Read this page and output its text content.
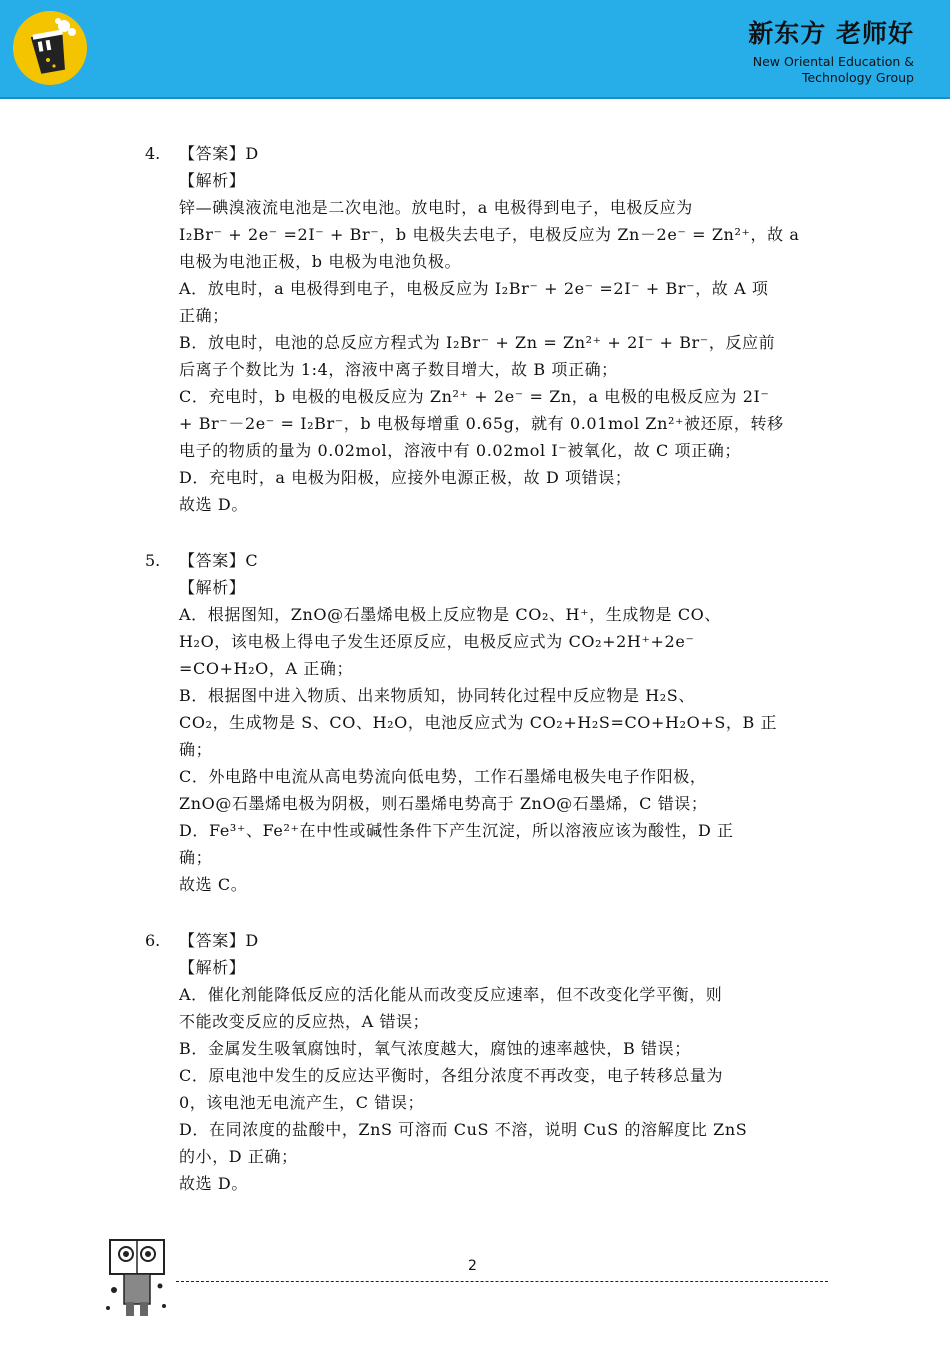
新东方 老师好
New Oriental Education &
Technology Group
4. 【答案】D
【解析】
锌—碘溴液流电池是二次电池。放电时，a 电极得到电子，电极反应为
I₂Br⁻ + 2e⁻ =2I⁻ + Br⁻，b 电极失去电子，电极反应为 Zn－2e⁻ = Zn²⁺，故 a
电极为电池正极，b 电极为电池负极。
A．放电时，a 电极得到电子，电极反应为 I₂Br⁻ + 2e⁻ =2I⁻ + Br⁻，故 A 项
正确；
B．放电时，电池的总反应方程式为 I₂Br⁻ + Zn = Zn²⁺ + 2I⁻ + Br⁻，反应前
后离子个数比为 1:4，溶液中离子数目增大，故 B 项正确；
C．充电时，b 电极的电极反应为 Zn²⁺ + 2e⁻ = Zn，a 电极的电极反应为 2I⁻
+ Br⁻－2e⁻ = I₂Br⁻，b 电极每增重 0.65g，就有 0.01mol Zn²⁺被还原，转移
电子的物质的量为 0.02mol，溶液中有 0.02mol I⁻被氧化，故 C 项正确；
D．充电时，a 电极为阳极，应接外电源正极，故 D 项错误；
故选 D。
5. 【答案】C
【解析】
A．根据图知，ZnO@石墨烯电极上反应物是 CO₂、H⁺，生成物是 CO、
H₂O，该电极上得电子发生还原反应，电极反应式为 CO₂+2H⁺+2e⁻
=CO+H₂O，A 正确；
B．根据图中进入物质、出来物质知，协同转化过程中反应物是 H₂S、
CO₂，生成物是 S、CO、H₂O，电池反应式为 CO₂+H₂S=CO+H₂O+S，B 正
确；
C．外电路中电流从高电势流向低电势，工作石墨烯电极失电子作阳极，
ZnO@石墨烯电极为阴极，则石墨烯电势高于 ZnO@石墨烯，C 错误；
D．Fe³⁺、Fe²⁺在中性或碱性条件下产生沉淀，所以溶液应该为酸性，D 正
确；
故选 C。
6. 【答案】D
【解析】
A．催化剂能降低反应的活化能从而改变反应速率，但不改变化学平衡，则
不能改变反应的反应热，A 错误；
B．金属发生吸氧腐蚀时，氧气浓度越大，腐蚀的速率越快，B 错误；
C．原电池中发生的反应达平衡时，各组分浓度不再改变，电子转移总量为
0，该电池无电流产生，C 错误；
D．在同浓度的盐酸中，ZnS 可溶而 CuS 不溶，说明 CuS 的溶解度比 ZnS
的小，D 正确；
故选 D。
2
